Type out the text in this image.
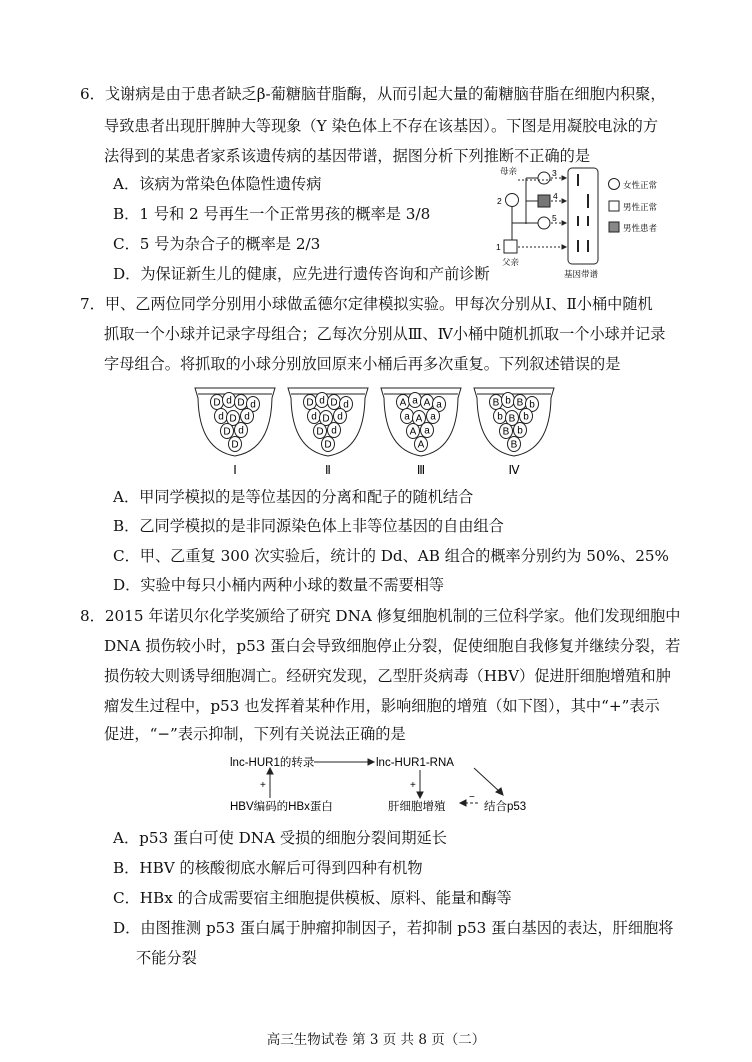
6．戈谢病是由于患者缺乏β-葡糖脑苷脂酶，从而引起大量的葡糖脑苷脂在细胞内积聚，
导致患者出现肝脾肿大等现象（Y 染色体上不存在该基因）。下图是用凝胶电泳的方
法得到的某患者家系该遗传病的基因带谱，据图分析下列推断不正确的是
A．该病为常染色体隐性遗传病
B．1 号和 2 号再生一个正常男孩的概率是 3/8
C．5 号为杂合子的概率是 2/3
D．为保证新生儿的健康，应先进行遗传咨询和产前诊断
母亲
2
1
父亲
3
4
5
基因带谱
女性正常
男性正常
男性患者
7．甲、乙两位同学分别用小球做孟德尔定律模拟实验。甲每次分别从Ⅰ、Ⅱ小桶中随机
抓取一个小球并记录字母组合；乙每次分别从Ⅲ、Ⅳ小桶中随机抓取一个小球并记录
字母组合。将抓取的小球分别放回原来小桶后再多次重复。下列叙述错误的是
D d D d
d D d
D d
D
Ⅰ
D d D d
d D d
D d
D
Ⅱ
A a A a
a A a
A a
A
Ⅲ
B b B b
b B b
B b
B
Ⅳ
A．甲同学模拟的是等位基因的分离和配子的随机结合
B．乙同学模拟的是非同源染色体上非等位基因的自由组合
C．甲、乙重复 300 次实验后，统计的 Dd、AB 组合的概率分别约为 50%、25%
D．实验中每只小桶内两种小球的数量不需要相等
8．2015 年诺贝尔化学奖颁给了研究 DNA 修复细胞机制的三位科学家。他们发现细胞中
DNA 损伤较小时，p53 蛋白会导致细胞停止分裂，促使细胞自我修复并继续分裂，若
损伤较大则诱导细胞凋亡。经研究发现，乙型肝炎病毒（HBV）促进肝细胞增殖和肿
瘤发生过程中，p53 也发挥着某种作用，影响细胞的增殖（如下图），其中“+”表示
促进，“−”表示抑制，下列有关说法正确的是
lnc-HUR1的转录	lnc-HUR1-RNA
HBV编码的HBx蛋白	肝细胞增殖	结合p53
+	+
−
A．p53 蛋白可使 DNA 受损的细胞分裂间期延长
B．HBV 的核酸彻底水解后可得到四种有机物
C．HBx 的合成需要宿主细胞提供模板、原料、能量和酶等
D．由图推测 p53 蛋白属于肿瘤抑制因子，若抑制 p53 蛋白基因的表达，肝细胞将
不能分裂
高三生物试卷 第 3 页 共 8 页（二）
